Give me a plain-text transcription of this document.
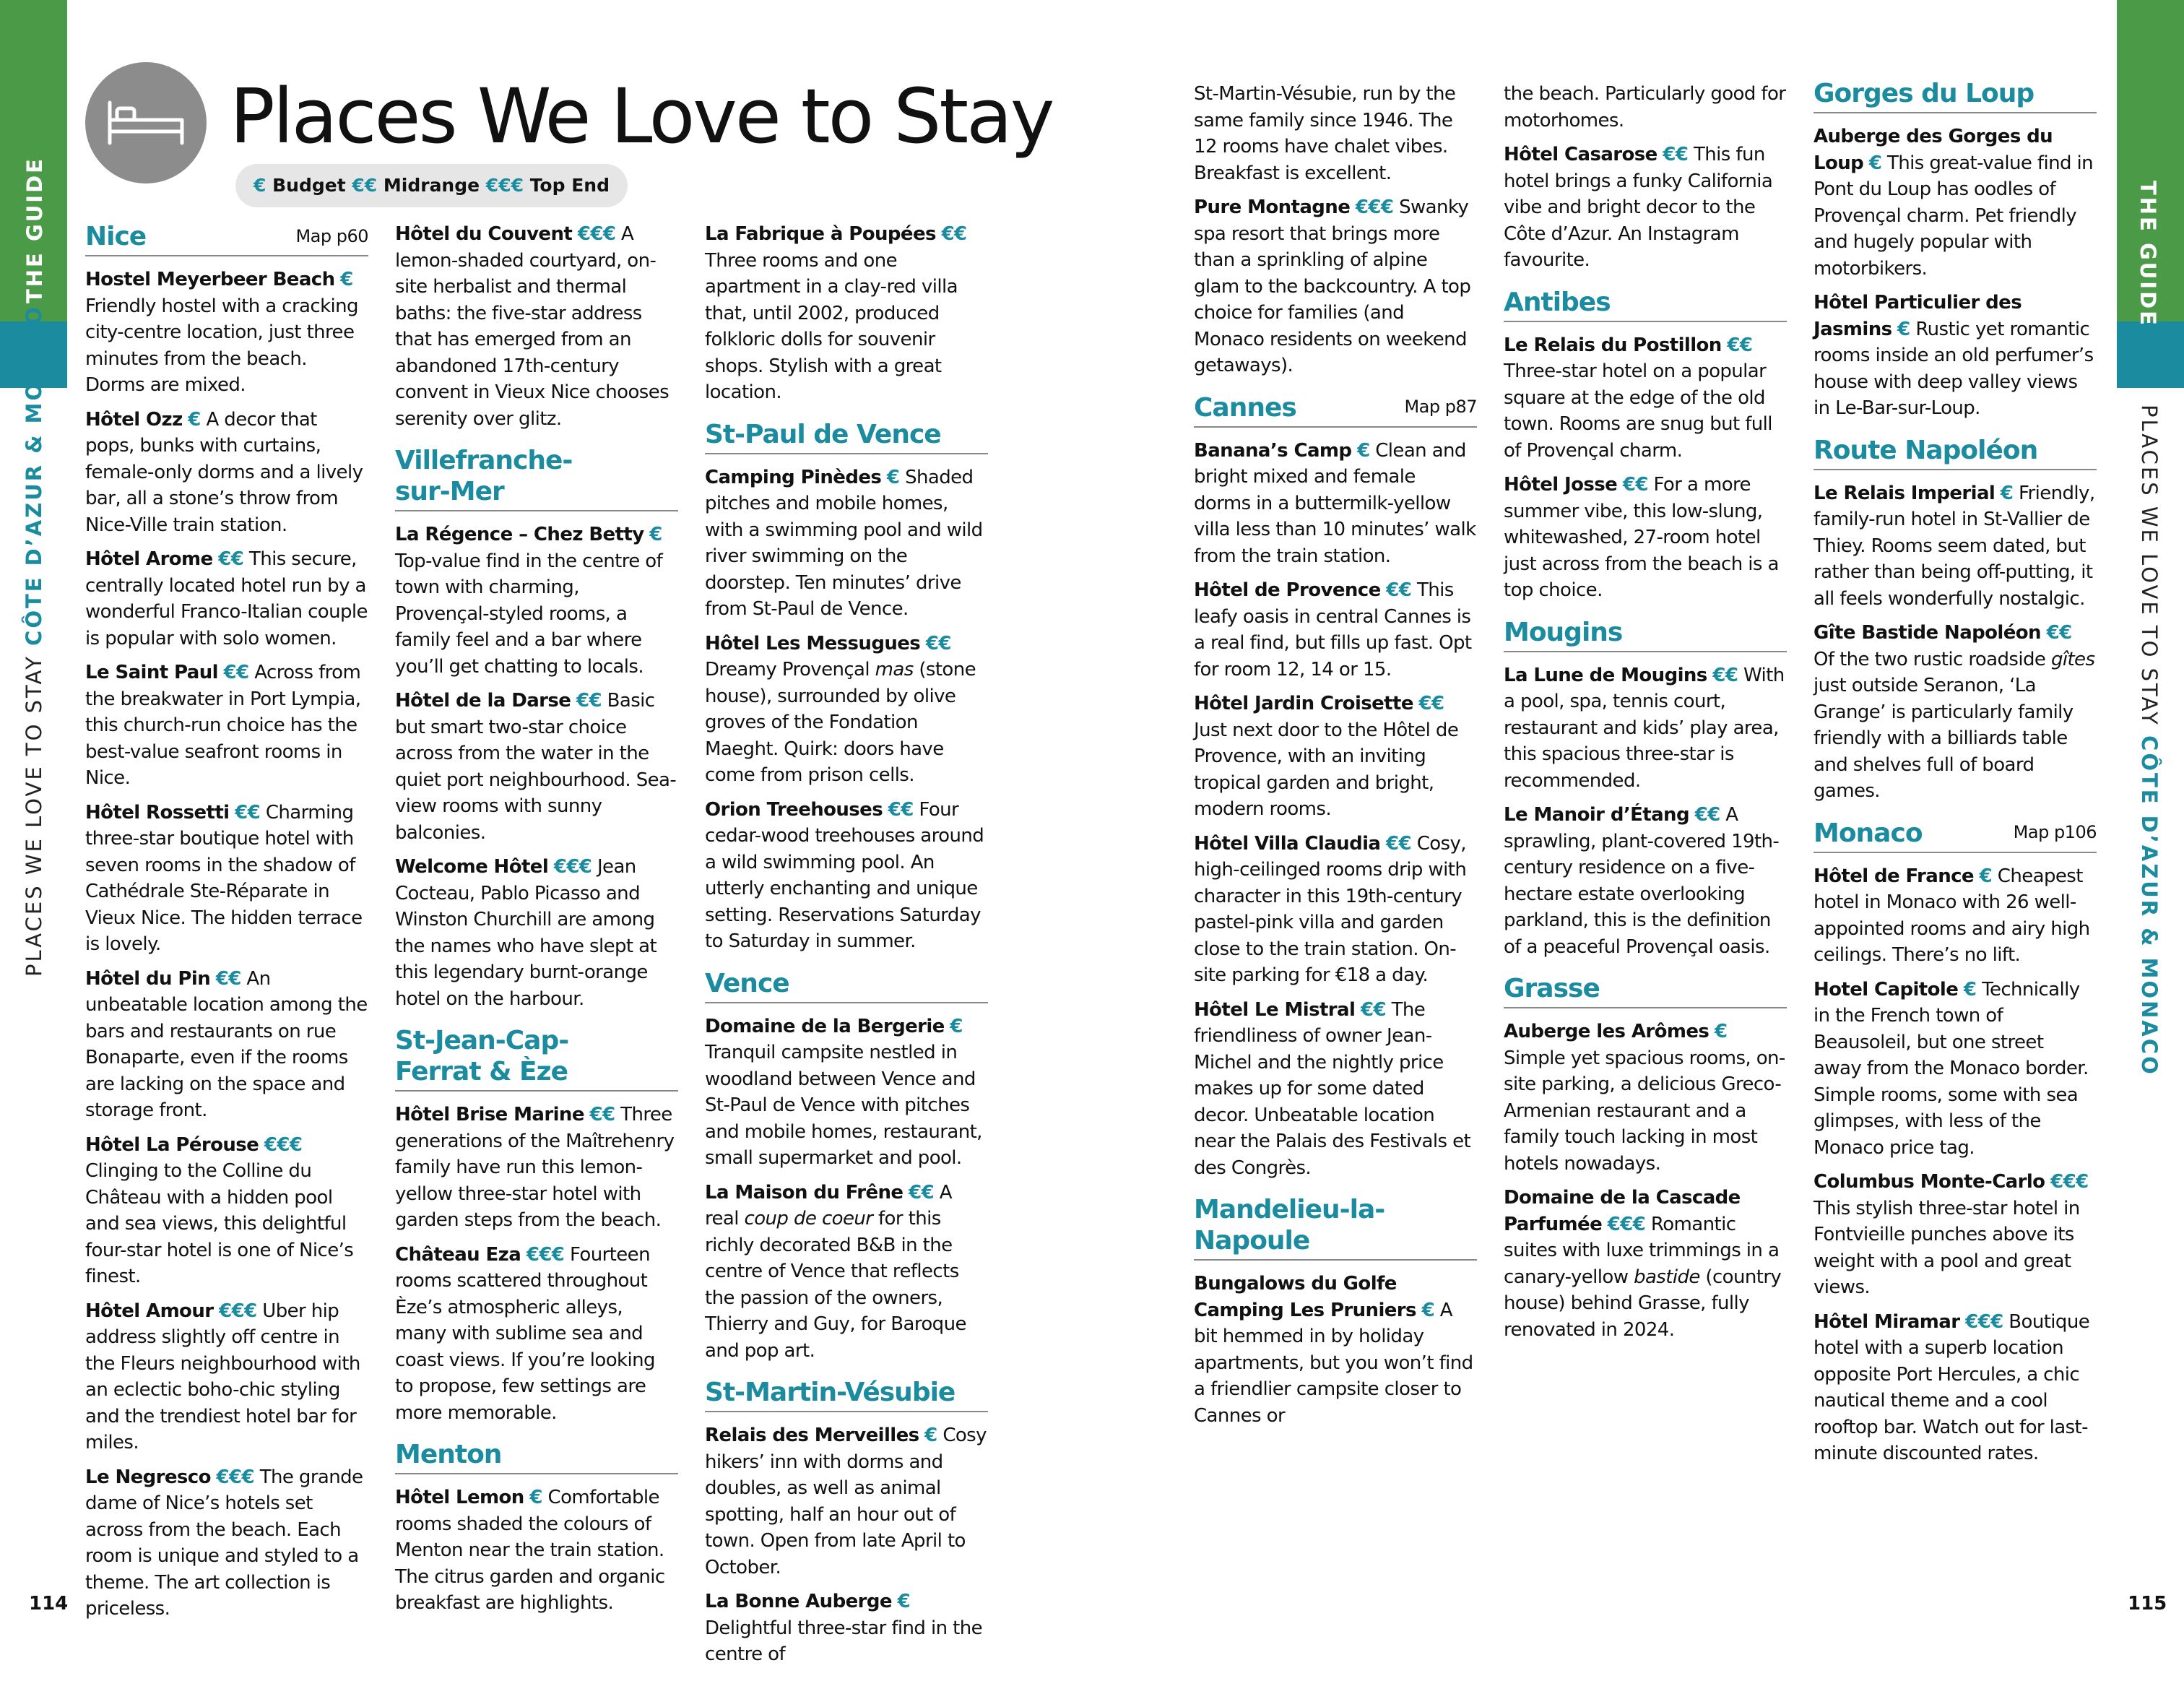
THE GUIDE
PLACES WE LOVE TO STAY CÔTE D’AZUR & MONACO
THE GUIDE
PLACES WE LOVE TO STAY CÔTE D’AZUR & MONACO
114	115
Places We Love to Stay
€ Budget €€ Midrange €€€ Top End
Nice	Map p60

Hostel Meyerbeer Beach € Friendly hostel with a cracking city-centre location, just three minutes from the beach. Dorms are mixed.

Hôtel Ozz € A decor that pops, bunks with curtains, female-only dorms and a lively bar, all a stone’s throw from Nice-Ville train station.

Hôtel Arome €€ This secure, centrally located hotel run by a wonderful Franco-Italian couple is popular with solo women.

Le Saint Paul €€ Across from the breakwater in Port Lympia, this church-run choice has the best-value seafront rooms in Nice.

Hôtel Rossetti €€ Charming three-star boutique hotel with seven rooms in the shadow of Cathédrale Ste-Réparate in Vieux Nice. The hidden terrace is lovely.

Hôtel du Pin €€ An unbeatable location among the bars and restaurants on rue Bonaparte, even if the rooms are lacking on the space and storage front.

Hôtel La Pérouse €€€ Clinging to the Colline du Château with a hidden pool and sea views, this delightful four-star hotel is one of Nice’s finest.

Hôtel Amour €€€ Uber hip address slightly off centre in the Fleurs neighbourhood with an eclectic boho-chic styling and the trendiest hotel bar for miles.

Le Negresco €€€ The grande dame of Nice’s hotels set across from the beach. Each room is unique and styled to a theme. The art collection is priceless.

Hôtel du Couvent €€€ A lemon-shaded courtyard, on-site herbalist and thermal baths: the five-star address that has emerged from an abandoned 17th-century convent in Vieux Nice chooses serenity over glitz.

Villefranche-
sur-Mer

La Régence – Chez Betty € Top-value find in the centre of town with charming, Provençal-styled rooms, a family feel and a bar where you’ll get chatting to locals.

Hôtel de la Darse €€ Basic but smart two-star choice across from the water in the quiet port neighbourhood. Sea-view rooms with sunny balconies.

Welcome Hôtel €€€ Jean Cocteau, Pablo Picasso and Winston Churchill are among the names who have slept at this legendary burnt-orange hotel on the harbour.

St-Jean-Cap-
Ferrat & Èze

Hôtel Brise Marine €€ Three generations of the Maîtrehenry family have run this lemon-yellow three-star hotel with garden steps from the beach.

Château Eza €€€ Fourteen rooms scattered throughout Èze’s atmospheric alleys, many with sublime sea and coast views. If you’re looking to propose, few settings are more memorable.

Menton

Hôtel Lemon € Comfortable rooms shaded the colours of Menton near the train station. The citrus garden and organic breakfast are highlights.

La Fabrique à Poupées €€ Three rooms and one apartment in a clay-red villa that, until 2002, produced folkloric dolls for souvenir shops. Stylish with a great location.

St-Paul de Vence

Camping Pinèdes € Shaded pitches and mobile homes, with a swimming pool and wild river swimming on the doorstep. Ten minutes’ drive from St-Paul de Vence.

Hôtel Les Messugues €€ Dreamy Provençal mas (stone house), surrounded by olive groves of the Fondation Maeght. Quirk: doors have come from prison cells.

Orion Treehouses €€ Four cedar-wood treehouses around a wild swimming pool. An utterly enchanting and unique setting. Reservations Saturday to Saturday in summer.

Vence

Domaine de la Bergerie € Tranquil campsite nestled in woodland between Vence and St-Paul de Vence with pitches and mobile homes, restaurant, small supermarket and pool.

La Maison du Frêne €€ A real coup de coeur for this richly decorated B&B in the centre of Vence that reflects the passion of the owners, Thierry and Guy, for Baroque and pop art.

St-Martin-Vésubie

Relais des Merveilles € Cosy hikers’ inn with dorms and doubles, as well as animal spotting, half an hour out of town. Open from late April to October.

La Bonne Auberge € Delightful three-star find in the centre of

St-Martin-Vésubie, run by the same family since 1946. The 12 rooms have chalet vibes. Breakfast is excellent.

Pure Montagne €€€ Swanky spa resort that brings more than a sprinkling of alpine glam to the backcountry. A top choice for families (and Monaco residents on weekend getaways).

Cannes	Map p87

Banana’s Camp € Clean and bright mixed and female dorms in a buttermilk-yellow villa less than 10 minutes’ walk from the train station.

Hôtel de Provence €€ This leafy oasis in central Cannes is a real find, but fills up fast. Opt for room 12, 14 or 15.

Hôtel Jardin Croisette €€ Just next door to the Hôtel de Provence, with an inviting tropical garden and bright, modern rooms.

Hôtel Villa Claudia €€ Cosy, high-ceilinged rooms drip with character in this 19th-century pastel-pink villa and garden close to the train station. On-site parking for €18 a day.

Hôtel Le Mistral €€ The friendliness of owner Jean-Michel and the nightly price makes up for some dated decor. Unbeatable location near the Palais des Festivals et des Congrès.

Mandelieu-la-
Napoule

Bungalows du Golfe Camping Les Pruniers € A bit hemmed in by holiday apartments, but you won’t find a friendlier campsite closer to Cannes or

the beach. Particularly good for motorhomes.

Hôtel Casarose €€ This fun hotel brings a funky California vibe and bright decor to the Côte d’Azur. An Instagram favourite.

Antibes

Le Relais du Postillon €€ Three-star hotel on a popular square at the edge of the old town. Rooms are snug but full of Provençal charm.

Hôtel Josse €€ For a more summer vibe, this low-slung, whitewashed, 27-room hotel just across from the beach is a top choice.

Mougins

La Lune de Mougins €€ With a pool, spa, tennis court, restaurant and kids’ play area, this spacious three-star is recommended.

Le Manoir d’Étang €€ A sprawling, plant-covered 19th-century residence on a five-hectare estate overlooking parkland, this is the definition of a peaceful Provençal oasis.

Grasse

Auberge les Arômes € Simple yet spacious rooms, on-site parking, a delicious Greco-Armenian restaurant and a family touch lacking in most hotels nowadays.

Domaine de la Cascade Parfumée €€€ Romantic suites with luxe trimmings in a canary-yellow bastide (country house) behind Grasse, fully renovated in 2024.

Gorges du Loup

Auberge des Gorges du Loup € This great-value find in Pont du Loup has oodles of Provençal charm. Pet friendly and hugely popular with motorbikers.

Hôtel Particulier des Jasmins € Rustic yet romantic rooms inside an old perfumer’s house with deep valley views in Le-Bar-sur-Loup.

Route Napoléon

Le Relais Imperial € Friendly, family-run hotel in St-Vallier de Thiey. Rooms seem dated, but rather than being off-putting, it all feels wonderfully nostalgic.

Gîte Bastide Napoléon €€ Of the two rustic roadside gîtes just outside Seranon, ‘La Grange’ is particularly family friendly with a billiards table and shelves full of board games.

Monaco	Map p106

Hôtel de France € Cheapest hotel in Monaco with 26 well-appointed rooms and airy high ceilings. There’s no lift.

Hotel Capitole € Technically in the French town of Beausoleil, but one street away from the Monaco border. Simple rooms, some with sea glimpses, with less of the Monaco price tag.

Columbus Monte-Carlo €€€ This stylish three-star hotel in Fontvieille punches above its weight with a pool and great views.

Hôtel Miramar €€€ Boutique hotel with a superb location opposite Port Hercules, a chic nautical theme and a cool rooftop bar. Watch out for last-minute discounted rates.
